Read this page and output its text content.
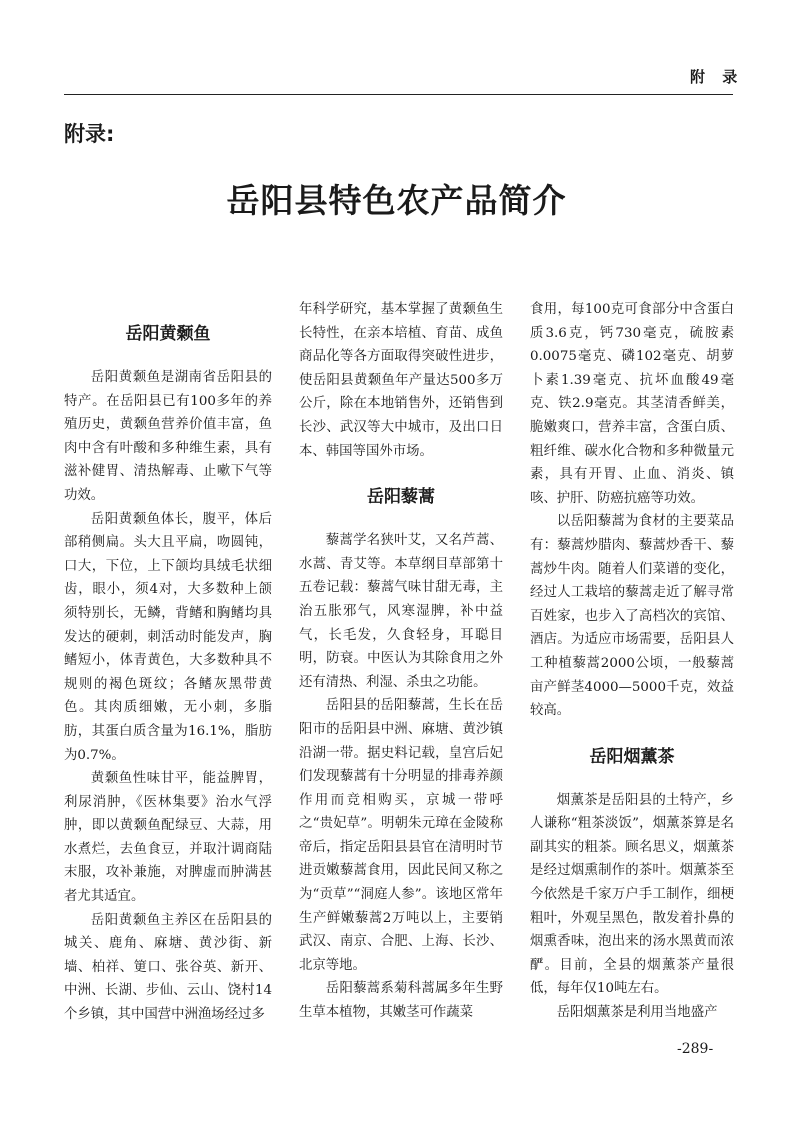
附 录
附录:
岳阳县特色农产品简介
岳阳黄颡鱼

岳阳黄颡鱼是湖南省岳阳县的特产。在岳阳县已有100多年的养殖历史，黄颡鱼营养价值丰富，鱼肉中含有叶酸和多种维生素，具有滋补健胃、清热解毒、止嗽下气等功效。

岳阳黄颡鱼体长，腹平，体后部稍侧扁。头大且平扁，吻圆钝，口大，下位，上下颌均具绒毛状细齿，眼小，须4对，大多数种上颌须特别长，无鳞，背鳍和胸鳍均具发达的硬刺，刺活动时能发声，胸鳍短小，体青黄色，大多数种具不规则的褐色斑纹；各鳍灰黑带黄色。其肉质细嫩，无小刺，多脂肪，其蛋白质含量为16.1%，脂肪为0.7%。

黄颡鱼性味甘平，能益脾胃，利尿消肿，《医林集要》治水气浮肿，即以黄颡鱼配绿豆、大蒜，用水煮烂，去鱼食豆，并取汁调商陆末服，攻补兼施，对脾虚而肿满甚者尤其适宜。

岳阳黄颡鱼主养区在岳阳县的城关、鹿角、麻塘、黄沙街、新墙、柏祥、筻口、张谷英、新开、中洲、长湖、步仙、云山、饶村14个乡镇，其中国营中洲渔场经过多

年科学研究，基本掌握了黄颡鱼生长特性，在亲本培植、育苗、成鱼商品化等各方面取得突破性进步，使岳阳县黄颡鱼年产量达500多万公斤，除在本地销售外，还销售到长沙、武汉等大中城市，及出口日本、韩国等国外市场。

岳阳藜蒿

藜蒿学名狭叶艾，又名芦蒿、水蒿、青艾等。本草纲目草部第十五卷记载：藜蒿气味甘甜无毒，主治五胀邪气，风寒湿脾，补中益气，长毛发，久食轻身，耳聪目明，防衰。中医认为其除食用之外还有清热、利湿、杀虫之功能。

岳阳县的岳阳藜蒿，生长在岳阳市的岳阳县中洲、麻塘、黄沙镇沿湖一带。据史料记载，皇宫后妃们发现藜蒿有十分明显的排毒养颜作用而竞相购买，京城一带呼之“贵妃草”。明朝朱元璋在金陵称帝后，指定岳阳县县官在清明时节进贡嫩藜蒿食用，因此民间又称之为“贡草”“洞庭人参”。该地区常年生产鲜嫩藜蒿2万吨以上，主要销武汉、南京、合肥、上海、长沙、北京等地。

岳阳藜蒿系菊科蒿属多年生野生草本植物，其嫩茎可作蔬菜

食用，每100克可食部分中含蛋白质3.6克，钙730毫克，硫胺素0.0075毫克、磷102毫克、胡萝卜素1.39毫克、抗坏血酸49毫克、铁2.9毫克。其茎清香鲜美，脆嫩爽口，营养丰富，含蛋白质、粗纤维、碳水化合物和多种微量元素，具有开胃、止血、消炎、镇咳、护肝、防癌抗癌等功效。

以岳阳藜蒿为食材的主要菜品有：藜蒿炒腊肉、藜蒿炒香干、藜蒿炒牛肉。随着人们菜谱的变化，经过人工栽培的藜蒿走近了解寻常百姓家，也步入了高档次的宾馆、酒店。为适应市场需要，岳阳县人工种植藜蒿2000公顷，一般藜蒿亩产鲜茎4000—5000千克，效益较高。

岳阳烟薰茶

烟薰茶是岳阳县的土特产，乡人谦称“粗茶淡饭”，烟薰茶算是名副其实的粗茶。顾名思义，烟薰茶是经过烟熏制作的茶叶。烟薰茶至今依然是千家万户手工制作，细梗粗叶，外观呈黑色，散发着扑鼻的烟熏香味，泡出来的汤水黑黄而浓酽。目前，全县的烟薰茶产量很低，每年仅10吨左右。

岳阳烟薰茶是利用当地盛产

-289-
